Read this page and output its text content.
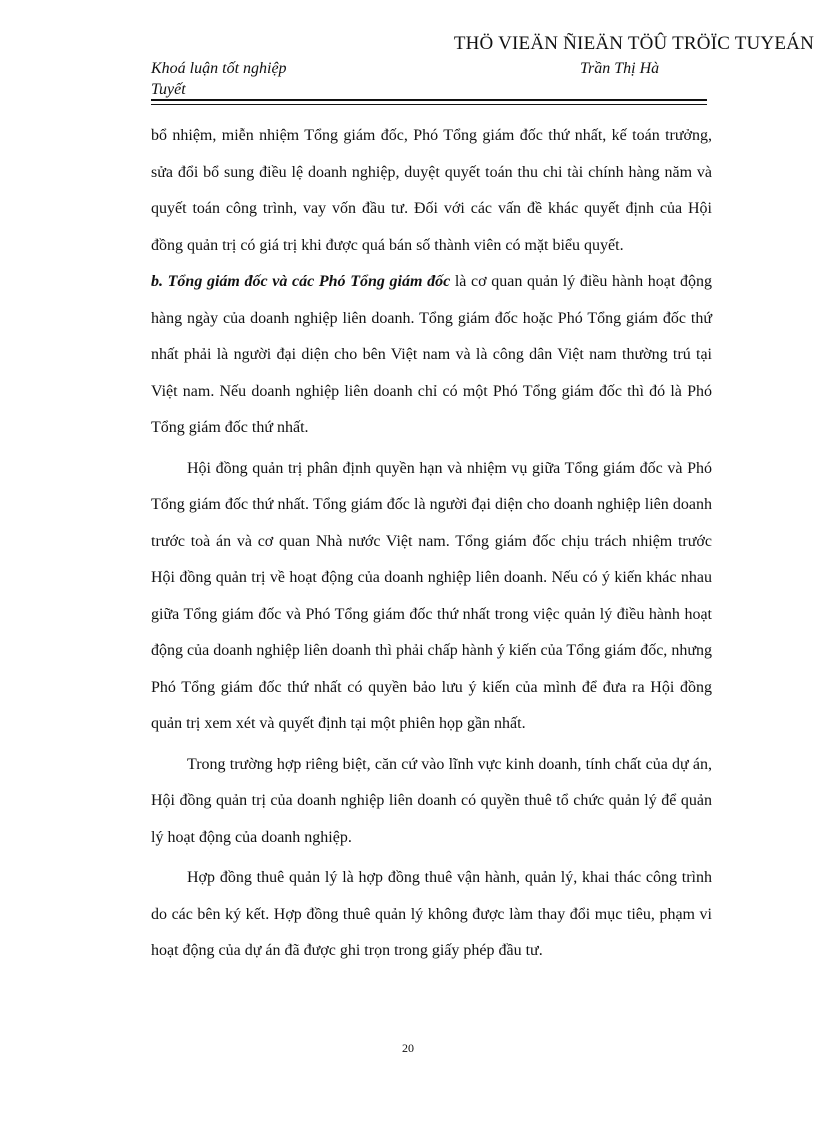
THÖ VIEÄN ÑIEÄN TÖÛ TRÖÏC TUYEÁN
Khoá luận tốt nghiệp	Trần Thị Hà
Tuyết

bổ nhiệm, miễn nhiệm Tổng giám đốc, Phó Tổng giám đốc thứ nhất, kế toán trưởng, sửa đổi bổ sung điều lệ doanh nghiệp, duyệt quyết toán thu chi tài chính hàng năm và quyết toán công trình, vay vốn đầu tư. Đối với các vấn đề khác quyết định của Hội đồng quản trị có giá trị khi được quá bán số thành viên có mặt biểu quyết.

b. Tổng giám đốc và các Phó Tổng giám đốc là cơ quan quản lý điều hành hoạt động hàng ngày của doanh nghiệp liên doanh. Tổng giám đốc hoặc Phó Tổng giám đốc thứ nhất phải là người đại diện cho bên Việt nam và là công dân Việt nam thường trú tại Việt nam. Nếu doanh nghiệp liên doanh chỉ có một Phó Tổng giám đốc thì đó là Phó Tổng giám đốc thứ nhất.

Hội đồng quản trị phân định quyền hạn và nhiệm vụ giữa Tổng giám đốc và Phó Tổng giám đốc thứ nhất. Tổng giám đốc là người đại diện cho doanh nghiệp liên doanh trước toà án và cơ quan Nhà nước Việt nam. Tổng giám đốc chịu trách nhiệm trước Hội đồng quản trị về hoạt động của doanh nghiệp liên doanh. Nếu có ý kiến khác nhau giữa Tổng giám đốc và Phó Tổng giám đốc thứ nhất trong việc quản lý điều hành hoạt động của doanh nghiệp liên doanh thì phải chấp hành ý kiến của Tổng giám đốc, nhưng Phó Tổng giám đốc thứ nhất có quyền bảo lưu ý kiến của mình để đưa ra Hội đồng quản trị xem xét và quyết định tại một phiên họp gần nhất.

Trong trường hợp riêng biệt, căn cứ vào lĩnh vực kinh doanh, tính chất của dự án, Hội đồng quản trị của doanh nghiệp liên doanh có quyền thuê tổ chức quản lý để quản lý hoạt động của doanh nghiệp.

Hợp đồng thuê quản lý là hợp đồng thuê vận hành, quản lý, khai thác công trình do các bên ký kết. Hợp đồng thuê quản lý không được làm thay đổi mục tiêu, phạm vi hoạt động của dự án đã được ghi trọn trong giấy phép đầu tư.

20
